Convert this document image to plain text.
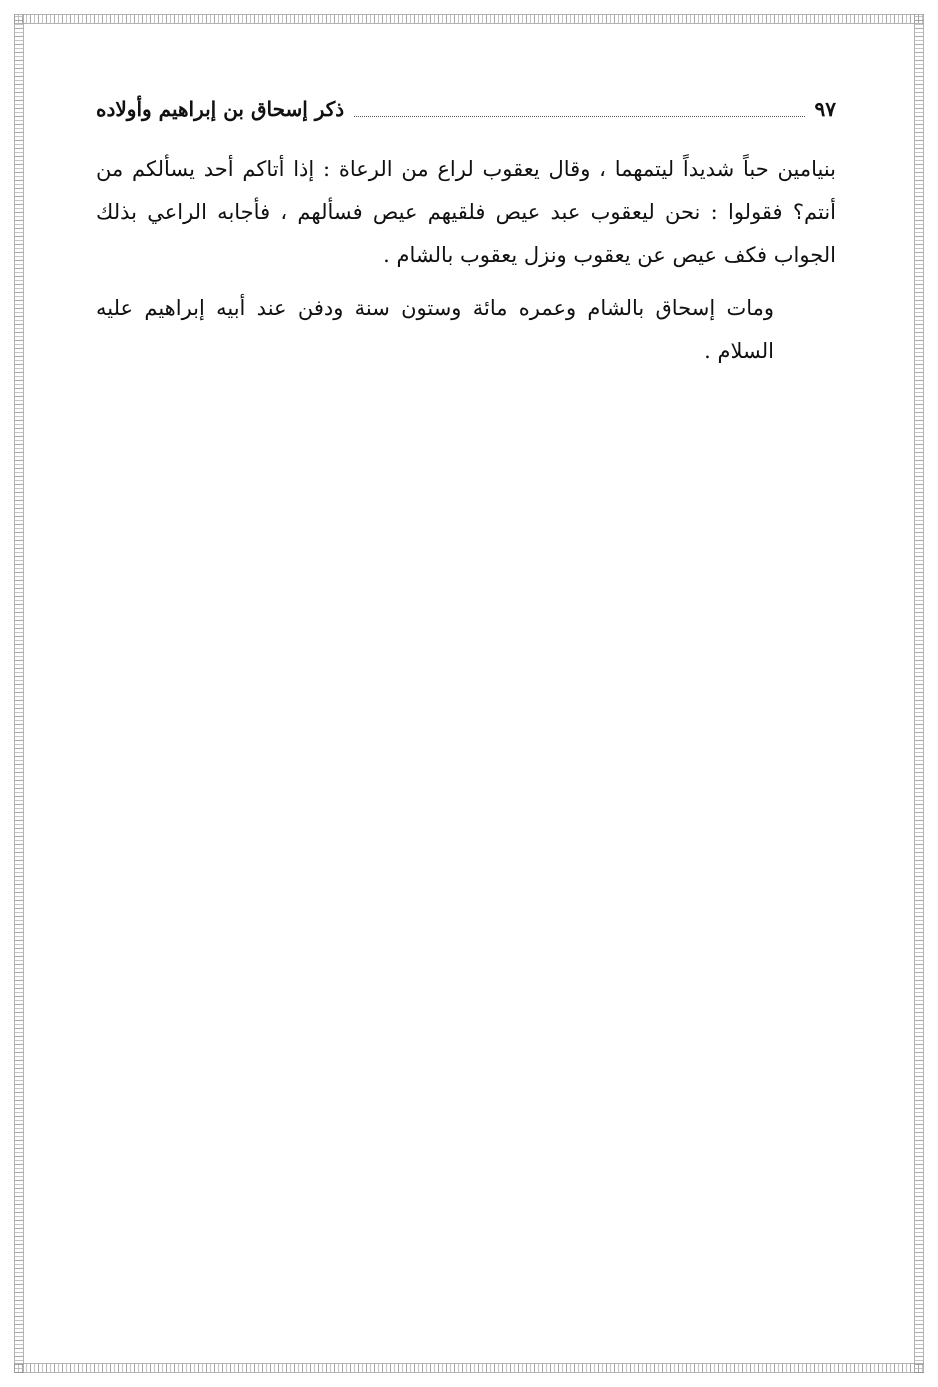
ذكر إسحاق بن إبراهيم وأولاده	٩٧

بنيامين حباً شديداً ليتمهما ، وقال يعقوب لراع من الرعاة : إذا أتاكم أحد يسألكم من أنتم؟ فقولوا : نحن ليعقوب عبد عيص فلقيهم عيص فسألهم ، فأجابه الراعي بذلك الجواب فكف عيص عن يعقوب ونزل يعقوب بالشام .

ومات إسحاق بالشام وعمره مائة وستون سنة ودفن عند أبيه إبراهيم عليه السلام .
